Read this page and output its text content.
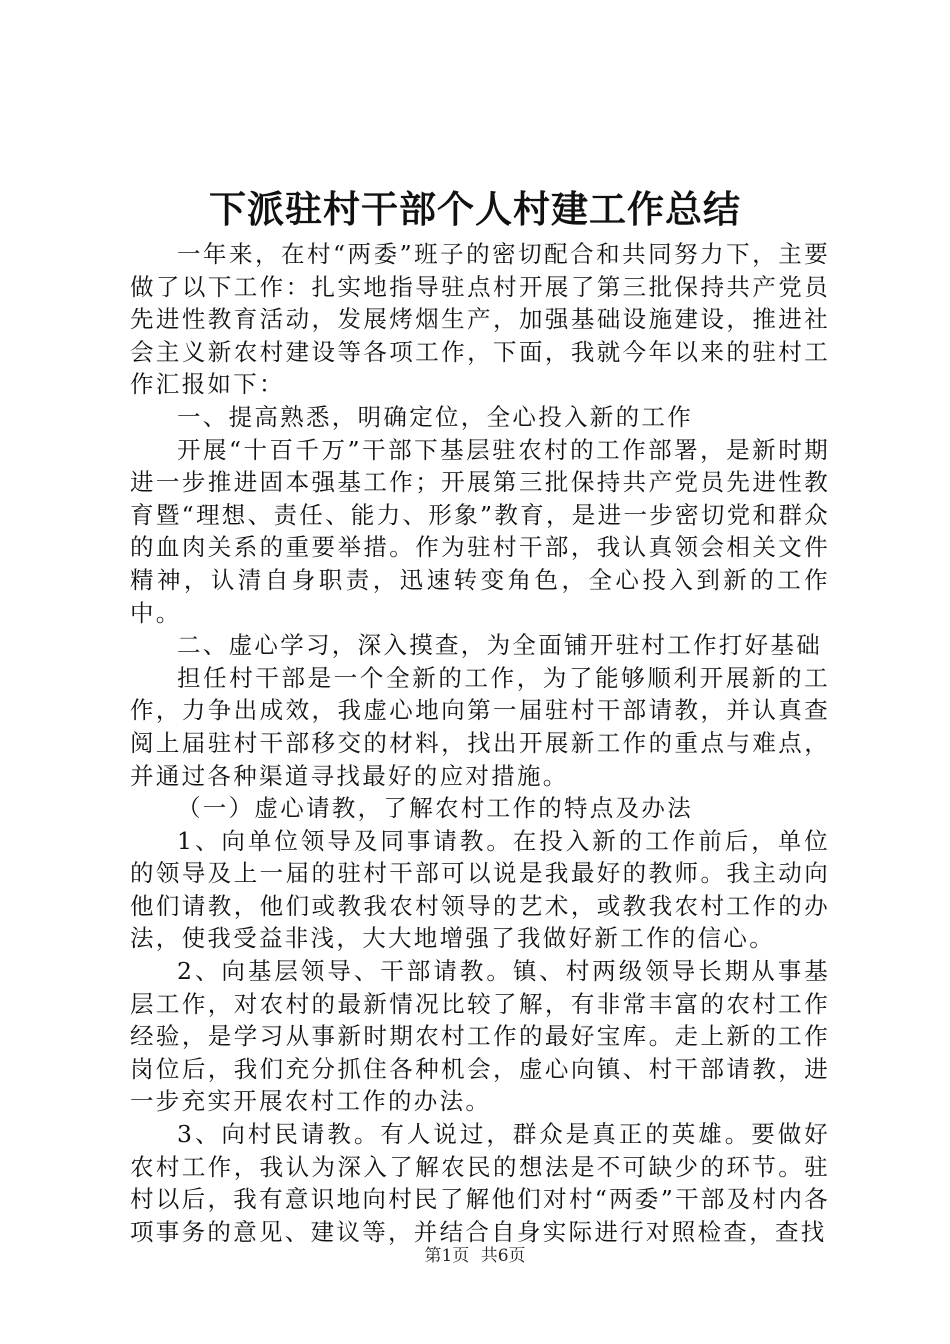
下派驻村干部个人村建工作总结

一年来，在村“两委”班子的密切配合和共同努力下，主要做了以下工作：扎实地指导驻点村开展了第三批保持共产党员先进性教育活动，发展烤烟生产，加强基础设施建设，推进社会主义新农村建设等各项工作，下面，我就今年以来的驻村工作汇报如下：

一、提高熟悉，明确定位，全心投入新的工作

开展“十百千万”干部下基层驻农村的工作部署，是新时期进一步推进固本强基工作；开展第三批保持共产党员先进性教育暨“理想、责任、能力、形象”教育，是进一步密切党和群众的血肉关系的重要举措。作为驻村干部，我认真领会相关文件精神，认清自身职责，迅速转变角色，全心投入到新的工作中。

二、虚心学习，深入摸查，为全面铺开驻村工作打好基础

担任村干部是一个全新的工作，为了能够顺利开展新的工作，力争出成效，我虚心地向第一届驻村干部请教，并认真查阅上届驻村干部移交的材料，找出开展新工作的重点与难点，并通过各种渠道寻找最好的应对措施。

（一）虚心请教，了解农村工作的特点及办法

1、向单位领导及同事请教。在投入新的工作前后，单位的领导及上一届的驻村干部可以说是我最好的教师。我主动向他们请教，他们或教我农村领导的艺术，或教我农村工作的办法，使我受益非浅，大大地增强了我做好新工作的信心。

2、向基层领导、干部请教。镇、村两级领导长期从事基层工作，对农村的最新情况比较了解，有非常丰富的农村工作经验，是学习从事新时期农村工作的最好宝库。走上新的工作岗位后，我们充分抓住各种机会，虚心向镇、村干部请教，进一步充实开展农村工作的办法。

3、向村民请教。有人说过，群众是真正的英雄。要做好农村工作，我认为深入了解农民的想法是不可缺少的环节。驻村以后，我有意识地向村民了解他们对村“两委”干部及村内各项事务的意见、建议等，并结合自身实际进行对照检查，查找

第1页 共6页
